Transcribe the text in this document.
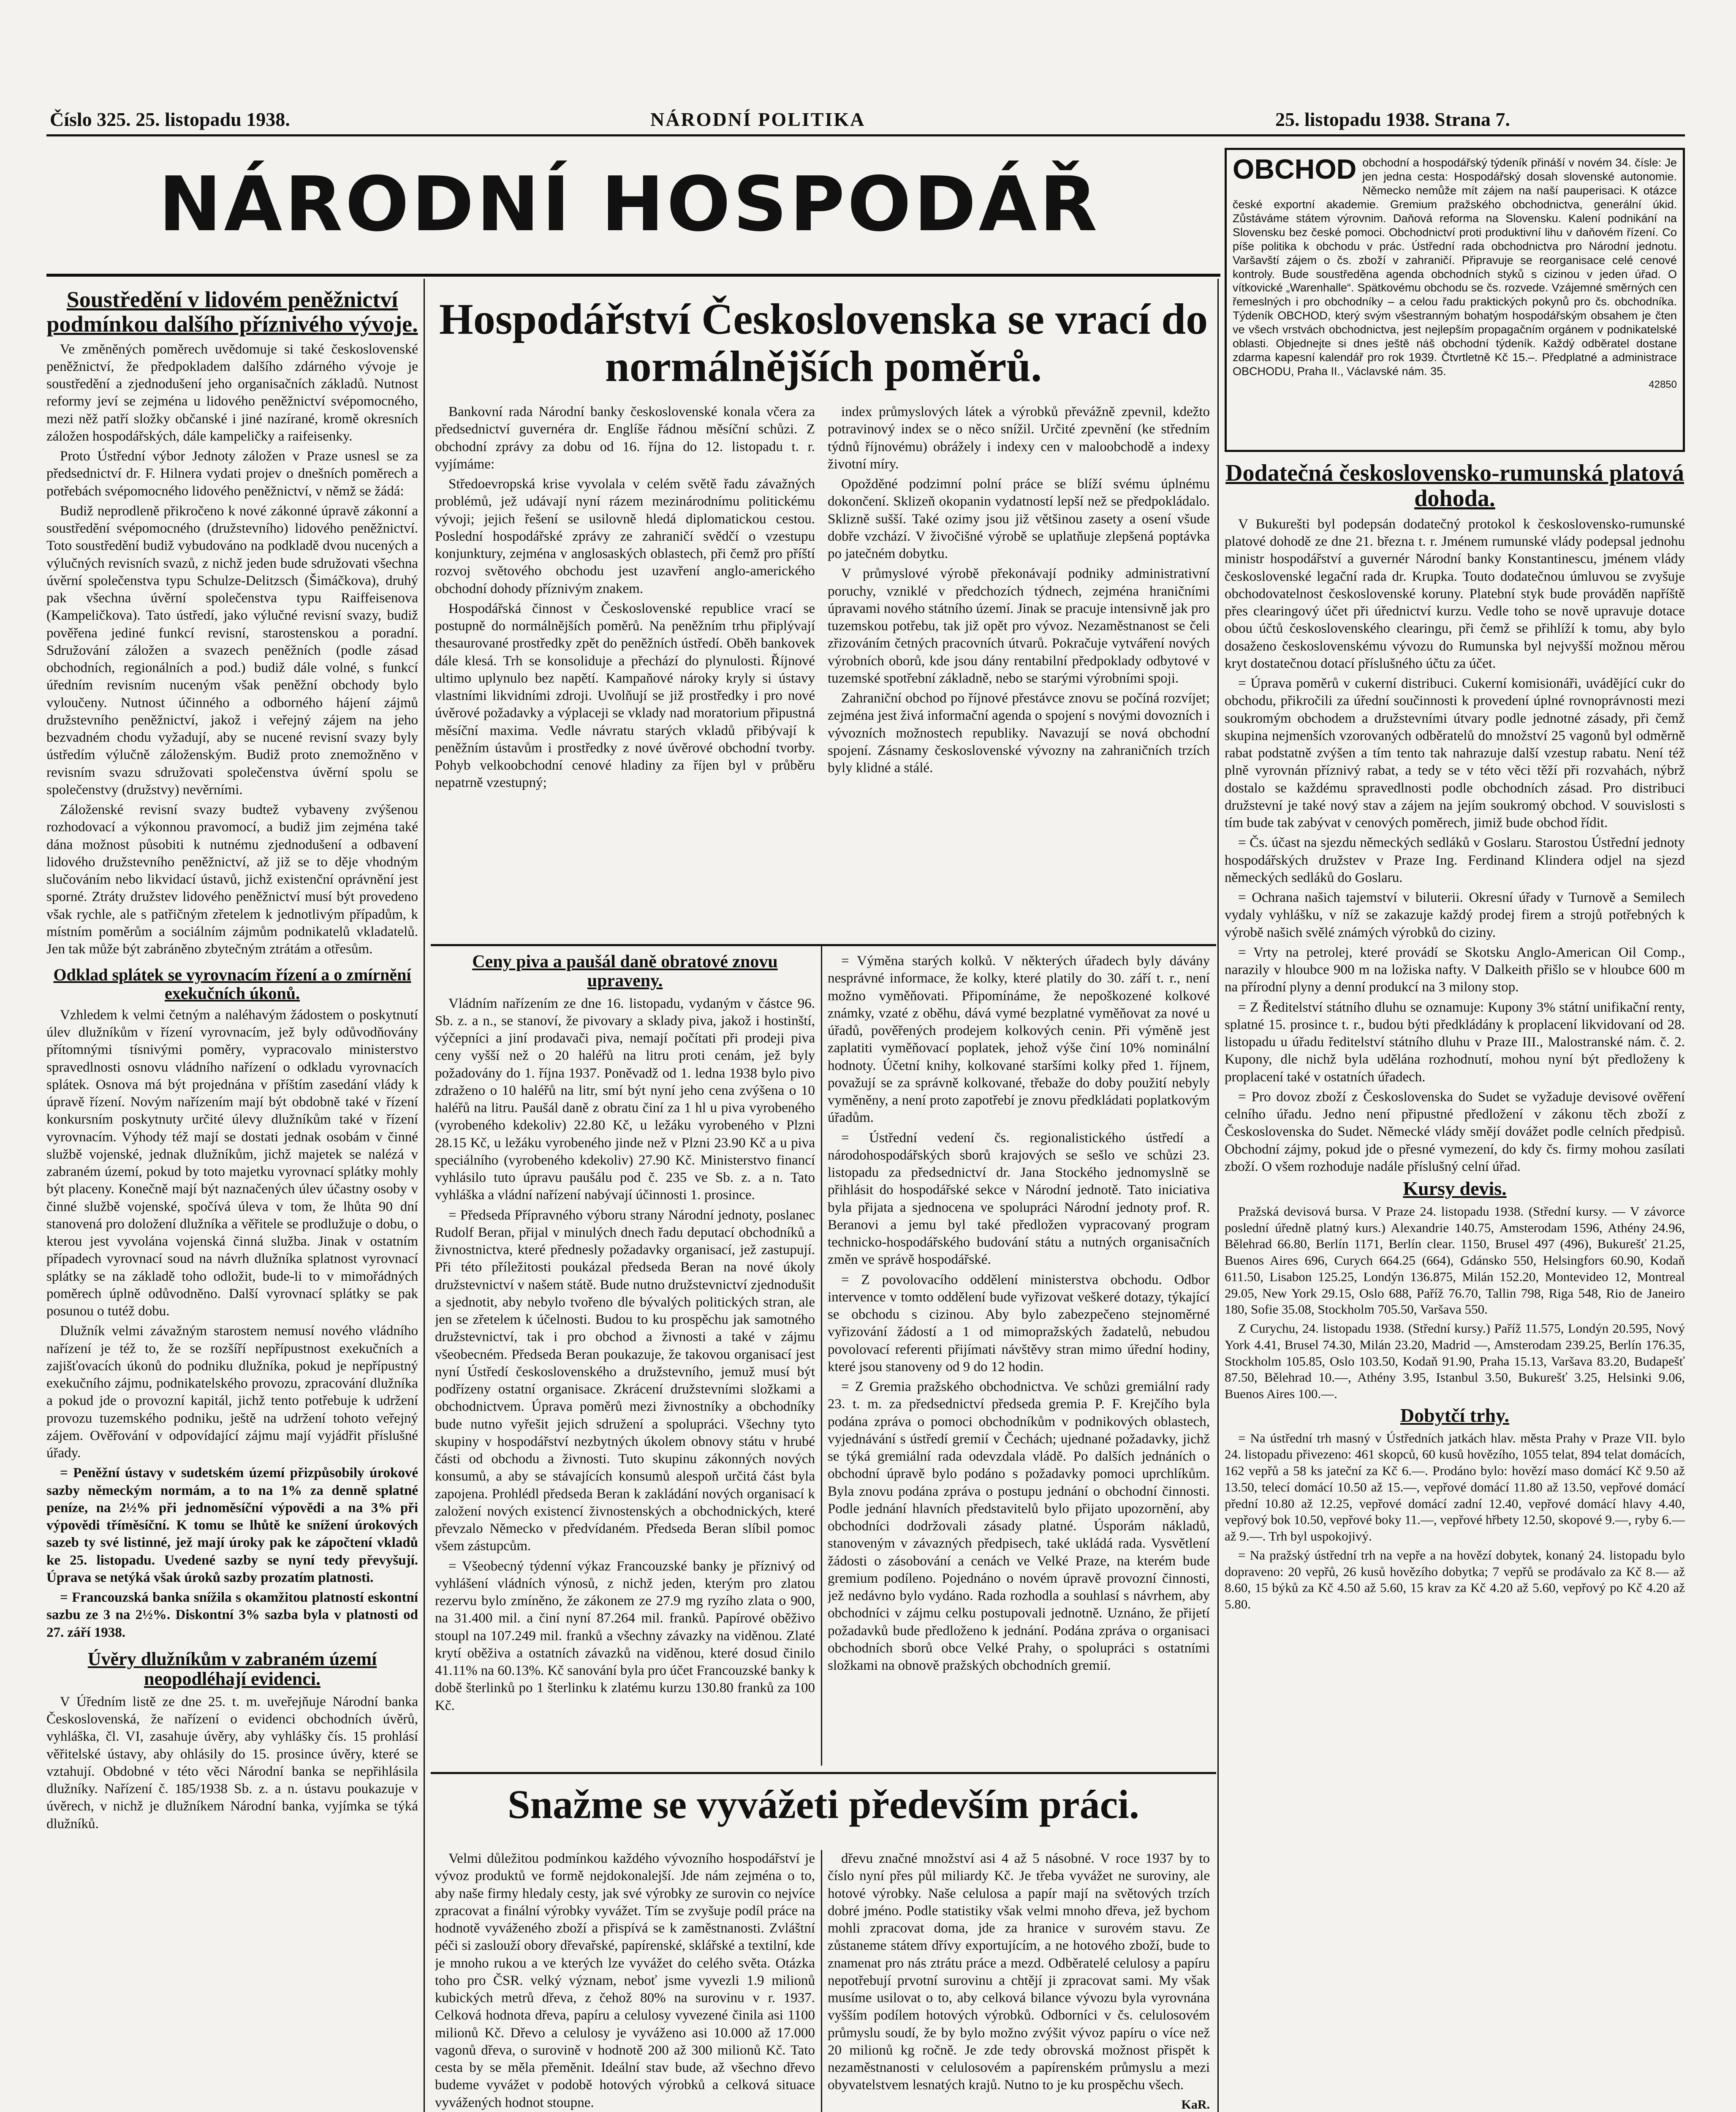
Číslo 325. 25. listopadu 1938.	NÁRODNÍ POLITIKA	25. listopadu 1938. Strana 7.
NÁRODNÍ HOSPODÁŘ	OBCHOD obchodní a hospodářský týdeník přináší v novém 34. čísle: Je jen jedna cesta: Hospodářský dosah slovenské autonomie. Německo nemůže mít zájem na naší pauperisaci. K otázce české exportní akademie. Gremium pražského obchodnictva, generální úkid. Zůstáváme státem výrovnim. Daňová reforma na Slovensku. Kalení podnikání na Slovensku bez české pomoci. Obchodnictví proti produktivní lihu v daňovém řízení. Co píše politika k obchodu v prác. Ústřední rada obchodnictva pro Národní jednotu. Varšavští zájem o čs. zboží v zahraničí. Připravuje se reorganisace celé cenové kontroly. Bude soustředěna agenda obchodních styků s cizinou v jeden úřad. O vítkovické „Warenhalle“. Spätkovému obchodu se čs. rozvede. Vzájemné směrných cen řemeslných i pro obchodníky – a celou řadu praktických pokynů pro čs. obchodníka. Týdeník OBCHOD, který svým všestranným bohatým hospodářským obsahem je čten ve všech vrstvách obchodnictva, jest nejlepším propagačním orgánem v podnikatelské oblasti. Objednejte si dnes ještě náš obchodní týdeník. Každý odběratel dostane zdarma kapesní kalendář pro rok 1939. Čtvrtletně Kč 15.–. Předplatné a administrace OBCHODU, Praha II., Václavské nám. 35.
42850
Soustředění v lidovém peněžnictví podmínkou dalšího příznivého vývoje.

Ve změněných poměrech uvědomuje si také československé peněžnictví, že předpokladem dalšího zdárného vývoje je soustředění a zjednodušení jeho organisačních základů. Nutnost reformy jeví se zejména u lidového peněžnictví svépomocného, mezi něž patří složky občanské i jiné nazírané, kromě okresních záložen hospodářských, dále kampeličky a raifeisenky.

Proto Ústřední výbor Jednoty záložen v Praze usnesl se za předsednictví dr. F. Hilnera vydati projev o dnešních poměrech a potřebách svépomocného lidového peněžnictví, v němž se žádá:

Budiž neprodleně přikročeno k nové zákonné úpravě zákonní a soustředění svépomocného (družstevního) lidového peněžnictví. Toto soustředění budiž vybudováno na podkladě dvou nucených a výlučných revisních svazů, z nichž jeden bude sdružovati všechna úvěrní společenstva typu Schulze-Delitzsch (Šimáčkova), druhý pak všechna úvěrní společenstva typu Raiffeisenova (Kampeličkova). Tato ústředí, jako výlučné revisní svazy, budiž pověřena jediné funkcí revisní, starostenskou a poradní. Sdružování záložen a svazech peněžních (podle zásad obchodních, regionálních a pod.) budiž dále volné, s funkcí úředním revisním nuceným však peněžní obchody bylo vyloučeny. Nutnost účinného a odborného hájení zájmů družstevního peněžnictví, jakož i veřejný zájem na jeho bezvadném chodu vyžadují, aby se nucené revisní svazy byly ústředím výlučně záloženským. Budiž proto znemožněno v revisním svazu sdružovati společenstva úvěrní spolu se společenstvy (družstvy) nevěrními.

Záloženské revisní svazy budtež vybaveny zvýšenou rozhodovací a výkonnou pravomocí, a budiž jim zejména také dána možnost působiti k nutnému zjednodušení a odbavení lidového družstevního peněžnictví, až již se to děje vhodným slučováním nebo likvidací ústavů, jichž existenční oprávnění jest sporné. Ztráty družstev lidového peněžnictví musí být provedeno však rychle, ale s patřičným zřetelem k jednotlivým případům, k místním poměrům a sociálním zájmům podnikatelů vkladatelů. Jen tak může být zabráněno zbytečným ztrátám a otřesům.

Odklad splátek se vyrovnacím řízení a o zmírnění exekučních úkonů.

Vzhledem k velmi četným a naléhavým žádostem o poskytnutí úlev dlužníkům v řízení vyrovnacím, jež byly odůvodňovány přítomnými tísnivými poměry, vypracovalo ministerstvo spravedlnosti osnovu vládního nařízení o odkladu vyrovnacích splátek. Osnova má být projednána v příštím zasedání vlády k úpravě řízení. Novým nařízením mají být obdobně také v řízení konkursním poskytnuty určité úlevy dlužníkům také v řízení vyrovnacím. Výhody též mají se dostati jednak osobám v činné službě vojenské, jednak dlužníkům, jichž majetek se nalézá v zabraném území, pokud by toto majetku vyrovnací splátky mohly být placeny. Konečně mají být naznačených úlev účastny osoby v činné službě vojenské, spočívá úleva v tom, že lhůta 90 dní stanovená pro doložení dlužníka a věřitele se prodlužuje o dobu, o kterou jest vyvolána vojenská činná služba. Jinak v ostatním případech vyrovnací soud na návrh dlužníka splatnost vyrovnací splátky se na základě toho odložit, bude-li to v mimořádných poměrech úplně odůvodněno. Další vyrovnací splátky se pak posunou o tutéž dobu.

Dlužník velmi závažným starostem nemusí nového vládního nařízení je též to, že se rozšíří nepřípustnost exekučních a zajišťovacích úkonů do podniku dlužníka, pokud je nepřípustný exekučního zájmu, podnikatelského provozu, zpracování dlužníka a pokud jde o provozní kapitál, jichž tento potřebuje k udržení provozu tuzemského podniku, ještě na udržení tohoto veřejný zájem. Ověřování v odpovídající zájmu mají vyjádřit příslušné úřady.

= Peněžní ústavy v sudetském území přizpůsobily úrokové sazby německým normám, a to na 1% za denně splatné peníze, na 2½% při jednoměsíční výpovědi a na 3% při výpovědi tříměsíční. K tomu se lhůtě ke snížení úrokových sazeb ty své listinné, jež mají úroky pak ke zápočtení vkladů ke 25. listopadu. Uvedené sazby se nyní tedy převyšují. Úprava se netýká však úroků sazby prozatím platnosti.

= Francouzská banka snížila s okamžitou platností eskontní sazbu ze 3 na 2½%. Diskontní 3% sazba byla v platnosti od 27. září 1938.

Úvěry dlužníkům v zabraném území neopodléhají evidenci.

V Úředním listě ze dne 25. t. m. uveřejňuje Národní banka Československá, že nařízení o evidenci obchodních úvěrů, vyhláška, čl. VI, zasahuje úvěry, aby vyhlášky čís. 15 prohlásí věřitelské ústavy, aby ohlásily do 15. prosince úvěry, které se vztahují. Obdobné v této věci Národní banka se nepřihlásila dlužníky. Nařízení č. 185/1938 Sb. z. a n. ústavu poukazuje v úvěrech, v nichž je dlužníkem Národní banka, vyjímka se týká dlužníků.

Hospodářství Československa se vrací do normálnějších poměrů.

Bankovní rada Národní banky československé konala včera za předsednictví guvernéra dr. Englíše řádnou měsíční schůzi. Z obchodní zprávy za dobu od 16. října do 12. listopadu t. r. vyjímáme:

Středoevropská krise vyvolala v celém světě řadu závažných problémů, jež udávají nyní rázem mezinárodnímu politickému vývoji; jejich řešení se usilovně hledá diplomatickou cestou. Poslední hospodářské zprávy ze zahraničí svědčí o vzestupu konjunktury, zejména v anglosaských oblastech, při čemž pro příští rozvoj světového obchodu jest uzavření anglo-amerického obchodní dohody příznivým znakem.

Hospodářská činnost v Československé republice vrací se postupně do normálnějších poměrů. Na peněžním trhu připlývají thesaurované prostředky zpět do peněžních ústředí. Oběh bankovek dále klesá. Trh se konsoliduje a přechází do plynulosti. Říjnové ultimo uplynulo bez napětí. Kampaňové nároky kryly si ústavy vlastními likvidními zdroji. Uvolňují se již prostředky i pro nové úvěrové požadavky a výplaceji se vklady nad moratorium připustná měsíční maxima. Vedle návratu starých vkladů přibývají k peněžním ústavům i prostředky z nové úvěrové obchodní tvorby. Pohyb velkoobchodní cenové hladiny za říjen byl v průběru nepatrně vzestupný;

index průmyslových látek a výrobků převážně zpevnil, kdežto potravinový index se o něco snížil. Určité zpevnění (ke středním týdnů říjnovému) obrážely i indexy cen v maloobchodě a indexy životní míry.

Opožděné podzimní polní práce se blíží svému úplnému dokončení. Sklizeň okopanin vydatností lepší než se předpokládalo. Sklizně sušší. Také ozimy jsou již většinou zasety a osení všude dobře vzchází. V živočišné výrobě se uplatňuje zlepšená poptávka po jatečném dobytku.

V průmyslové výrobě překonávají podniky administrativní poruchy, vzniklé v předchozích týdnech, zejména hraničními úpravami nového státního území. Jinak se pracuje intensivně jak pro tuzemskou potřebu, tak již opět pro vývoz. Nezaměstnanost se čeli zřizováním četných pracovních útvarů. Pokračuje vytváření nových výrobních oborů, kde jsou dány rentabilní předpoklady odbytové v tuzemské spotřební základně, nebo se starými výrobními spoji.

Zahraniční obchod po říjnové přestávce znovu se počíná rozvíjet; zejména jest živá informační agenda o spojení s novými dovozních i vývozních možnostech republiky. Navazují se nová obchodní spojení. Zásnamy československé vývozny na zahraničních trzích byly klidné a stálé.

Ceny piva a paušál daně obratové znovu upraveny.

Vládním nařízením ze dne 16. listopadu, vydaným v částce 96. Sb. z. a n., se stanoví, že pivovary a sklady piva, jakož i hostinští, výčepníci a jiní prodavači piva, nemají počítati při prodeji piva ceny vyšší než o 20 haléřů na litru proti cenám, jež byly požadovány do 1. října 1937. Poněvadž od 1. ledna 1938 bylo pivo zdraženo o 10 haléřů na litr, smí být nyní jeho cena zvýšena o 10 haléřů na litru. Paušál daně z obratu činí za 1 hl u piva vyrobeného (vyrobeného kdekoliv) 22.80 Kč, u ležáku vyrobeného v Plzni 28.15 Kč, u ležáku vyrobeného jinde než v Plzni 23.90 Kč a u piva speciálního (vyrobeného kdekoliv) 27.90 Kč. Ministerstvo financí vyhlásilo tuto úpravu paušálu pod č. 235 ve Sb. z. a n. Tato vyhláška a vládní nařízení nabývají účinnosti 1. prosince.

= Předseda Přípravného výboru strany Národní jednoty, poslanec Rudolf Beran, přijal v minulých dnech řadu deputací obchodníků a živnostnictva, které přednesly požadavky organisací, jež zastupují. Při této příležitosti poukázal předseda Beran na nové úkoly družstevnictví v našem státě. Bude nutno družstevnictví zjednodušit a sjednotit, aby nebylo tvořeno dle bývalých politických stran, ale jen se zřetelem k účelnosti. Budou to ku prospěchu jak samotného družstevnictví, tak i pro obchod a živnosti a také v zájmu všeobecném. Předseda Beran poukazuje, že takovou organisací jest nyní Ústředí československého a družstevního, jemuž musí být podřízeny ostatní organisace. Zkrácení družstevními složkami a obchodnictvem. Úprava poměrů mezi živnostníky a obchodníky bude nutno vyřešit jejich sdružení a spolupráci. Všechny tyto skupiny v hospodářství nezbytných úkolem obnovy státu v hrubé části od obchodu a živnosti. Tuto skupinu zákonných nových konsumů, a aby se stávajících konsumů alespoň určitá část byla zapojena. Prohlédl předseda Beran k zakládání nových organisací k založení nových existencí živnostenských a obchodnických, které převzalo Německo v předvídaném. Předseda Beran slíbil pomoc všem zástupcům.

= Všeobecný týdenní výkaz Francouzské banky je příznivý od vyhlášení vládních výnosů, z nichž jeden, kterým pro zlatou rezervu bylo zmíněno, že zákonem ze 27.9 mg ryzího zlata o 900, na 31.400 mil. a činí nyní 87.264 mil. franků. Papírové oběživo stoupl na 107.249 mil. franků a všechny závazky na viděnou. Zlaté krytí oběživa a ostatních závazků na viděnou, které dosud činilo 41.11% na 60.13%. Kč sanování byla pro účet Francouzské banky k době šterlinků po 1 šterlinku k zlatému kurzu 130.80 franků za 100 Kč.

= Výměna starých kolků. V některých úřadech byly dávány nesprávné informace, že kolky, které platily do 30. září t. r., není možno vyměňovati. Připomínáme, že nepoškozené kolkové známky, vzaté z oběhu, dává vymé bezplatné vyměňovat za nové u úřadů, pověřených prodejem kolkových cenin. Při výměně jest zaplatiti vyměňovací poplatek, jehož výše činí 10% nominální hodnoty. Účetní knihy, kolkované staršími kolky před 1. říjnem, považují se za správně kolkované, třebaže do doby použití nebyly vyměněny, a není proto zapotřebí je znovu předkládati poplatkovým úřadům.

= Ústřední vedení čs. regionalistického ústředí a národohospodářských sborů krajových se sešlo ve schůzi 23. listopadu za předsednictví dr. Jana Stockého jednomyslně se přihlásit do hospodářské sekce v Národní jednotě. Tato iniciativa byla přijata a sjednocena ve spolupráci Národní jednoty prof. R. Beranovi a jemu byl také předložen vypracovaný program technicko-hospodářského budování státu a nutných organisačních změn ve správě hospodářské.

= Z povolovacího oddělení ministerstva obchodu. Odbor intervence v tomto oddělení bude vyřizovat veškeré dotazy, týkající se obchodu s cizinou. Aby bylo zabezpečeno stejnoměrné vyřizování žádostí a 1 od mimopražských žadatelů, nebudou povolovací referenti přijímati návštěvy stran mimo úřední hodiny, které jsou stanoveny od 9 do 12 hodin.

= Z Gremia pražského obchodnictva. Ve schůzi gremiální rady 23. t. m. za předsednictví předseda gremia P. F. Krejčího byla podána zpráva o pomoci obchodníkům v podnikových oblastech, vyjednávání s ústředí gremií v Čechách; ujednané požadavky, jichž se týká gremiální rada odevzdala vládě. Po dalších jednáních o obchodní úpravě bylo podáno s požadavky pomoci uprchlíkům. Byla znovu podána zpráva o postupu jednání o obchodní činnosti. Podle jednání hlavních představitelů bylo přijato upozornění, aby obchodníci dodržovali zásady platné. Úsporám nákladů, stanoveným v závazných předpisech, také ukládá rada. Vysvětlení žádosti o zásobování a cenách ve Velké Praze, na kterém bude gremium podíleno. Pojednáno o novém úpravě provozní činnosti, jež nedávno bylo vydáno. Rada rozhodla a souhlasí s návrhem, aby obchodníci v zájmu celku postupovali jednotně. Uznáno, že přijetí požadavků bude předloženo k jednání. Podána zpráva o organisaci obchodních sborů obce Velké Prahy, o spolupráci s ostatními složkami na obnově pražských obchodních gremií.

Snažme se vyvážeti především práci.

Velmi důležitou podmínkou každého vývozního hospodářství je vývoz produktů ve formě nejdokonalejší. Jde nám zejména o to, aby naše firmy hledaly cesty, jak své výrobky ze surovin co nejvíce zpracovat a finální výrobky vyvážet. Tím se zvyšuje podíl práce na hodnotě vyváženého zboží a přispívá se k zaměstnanosti. Zvláštní péči si zaslouží obory dřevařské, papírenské, sklářské a textilní, kde je mnoho rukou a ve kterých lze vyvážet do celého světa. Otázka toho pro ČSR. velký význam, neboť jsme vyvezli 1.9 milionů kubických metrů dřeva, z čehož 80% na surovinu v r. 1937. Celková hodnota dřeva, papíru a celulosy vyvezené činila asi 1100 milionů Kč. Dřevo a celulosy je vyváženo asi 10.000 až 17.000 vagonů dřeva, o surovině v hodnotě 200 až 300 milionů Kč. Tato cesta by se měla přeměnit. Ideální stav bude, až všechno dřevo budeme vyvážet v podobě hotových výrobků a celková situace vyvážených hodnot stoupne.

dřevu značné množství asi 4 až 5 násobné. V roce 1937 by to číslo nyní přes půl miliardy Kč. Je třeba vyvážet ne suroviny, ale hotové výrobky. Naše celulosa a papír mají na světových trzích dobré jméno. Podle statistiky však velmi mnoho dřeva, jež bychom mohli zpracovat doma, jde za hranice v surovém stavu. Ze zůstaneme státem dřívy exportujícím, a ne hotového zboží, bude to znamenat pro nás ztrátu práce a mezd. Odběratelé celulosy a papíru nepotřebují prvotní surovinu a chtějí ji zpracovat sami. My však musíme usilovat o to, aby celková bilance vývozu byla vyrovnána vyšším podílem hotových výrobků. Odborníci v čs. celulosovém průmyslu soudí, že by bylo možno zvýšit vývoz papíru o více než 20 milionů kg ročně. Je zde tedy obrovská možnost přispět k nezaměstnanosti v celulosovém a papírenském průmyslu a mezi obyvatelstvem lesnatých krajů. Nutno to je ku prospěchu všech.

KaR.
Dodatečná československo-rumunská platová dohoda.

V Bukurešti byl podepsán dodatečný protokol k československo-rumunské platové dohodě ze dne 21. března t. r. Jménem rumunské vlády podepsal jednohu ministr hospodářství a guvernér Národní banky Konstantinescu, jménem vlády československé legační rada dr. Krupka. Touto dodatečnou úmluvou se zvyšuje obchodovatelnost československé koruny. Platební styk bude prováděn napříště přes clearingový účet při úřednictví kurzu. Vedle toho se nově upravuje dotace obou účtů československého clearingu, při čemž se přihlíží k tomu, aby bylo dosaženo československému vývozu do Rumunska byl nejvyšší možnou měrou kryt dostatečnou dotací příslušného účtu za účet.

= Úprava poměrů v cukerní distribuci. Cukerní komisionáři, uvádějící cukr do obchodu, přikročili za úřední součinnosti k provedení úplné rovnoprávnosti mezi soukromým obchodem a družstevními útvary podle jednotné zásady, při čemž skupina nejmenších vzorovaných odběratelů do množství 25 vagonů byl odměrně rabat podstatně zvýšen a tím tento tak nahrazuje další vzestup rabatu. Není též plně vyrovnán příznivý rabat, a tedy se v této věci těží při rozvahách, nýbrž dostalo se každému spravedlnosti podle obchodních zásad. Pro distribuci družstevní je také nový stav a zájem na jejím soukromý obchod. V souvislosti s tím bude tak zabývat v cenových poměrech, jimiž bude obchod řídit.

= Čs. účast na sjezdu německých sedláků v Goslaru. Starostou Ústřední jednoty hospodářských družstev v Praze Ing. Ferdinand Klindera odjel na sjezd německých sedláků do Goslaru.

= Ochrana našich tajemství v biluterii. Okresní úřady v Turnově a Semilech vydaly vyhlášku, v níž se zakazuje každý prodej firem a strojů potřebných k výrobě našich svělé známých výrobků do ciziny.

= Vrty na petrolej, které provádí se Skotsku Anglo-American Oil Comp., narazily v hloubce 900 m na ložiska nafty. V Dalkeith přišlo se v hloubce 600 m na přírodní plyny a denní produkcí na 3 milony stop.

= Z Ředitelství státního dluhu se oznamuje: Kupony 3% státní unifikační renty, splatné 15. prosince t. r., budou býti předkládány k proplacení likvidovaní od 28. listopadu u úřadu ředitelství státního dluhu v Praze III., Malostranské nám. č. 2. Kupony, dle nichž byla udělána rozhodnutí, mohou nyní být předloženy k proplacení také v ostatních úřadech.

= Pro dovoz zboží z Československa do Sudet se vyžaduje devisové ověření celního úřadu. Jedno není připustné předložení v zákonu těch zboží z Československa do Sudet. Německé vlády smějí dovážet podle celních předpisů. Obchodní zájmy, pokud jde o přesné vymezení, do kdy čs. firmy mohou zasílati zboží. O všem rozhoduje nadále příslušný celní úřad.

Kursy devis.

Pražská devisová bursa. V Praze 24. listopadu 1938. (Střední kursy. — V závorce poslední úředně platný kurs.) Alexandrie 140.75, Amsterodam 1596, Athény 24.96, Bělehrad 66.80, Berlín 1171, Berlín clear. 1150, Brusel 497 (496), Bukurešť 21.25, Buenos Aires 696, Curych 664.25 (664), Gdánsko 550, Helsingfors 60.90, Kodaň 611.50, Lisabon 125.25, Londýn 136.875, Milán 152.20, Montevideo 12, Montreal 29.05, New York 29.15, Oslo 688, Paříž 76.70, Tallin 798, Riga 548, Rio de Janeiro 180, Sofie 35.08, Stockholm 705.50, Varšava 550.

Z Curychu, 24. listopadu 1938. (Střední kursy.) Paříž 11.575, Londýn 20.595, Nový York 4.41, Brusel 74.30, Milán 23.20, Madrid —, Amsterodam 239.25, Berlín 176.35, Stockholm 105.85, Oslo 103.50, Kodaň 91.90, Praha 15.13, Varšava 83.20, Budapešť 87.50, Bělehrad 10.—, Athény 3.95, Istanbul 3.50, Bukurešť 3.25, Helsinki 9.06, Buenos Aires 100.—.

Dobytčí trhy.

= Na ústřední trh masný v Ústředních jatkách hlav. města Prahy v Praze VII. bylo 24. listopadu přivezeno: 461 skopců, 60 kusů hovězího, 1055 telat, 894 telat domácích, 162 vepřů a 58 ks jateční za Kč 6.—. Prodáno bylo: hovězí maso domácí Kč 9.50 až 13.50, telecí domácí 10.50 až 15.—, vepřové domácí 11.80 až 13.50, vepřové domácí přední 10.80 až 12.25, vepřové domácí zadní 12.40, vepřové domácí hlavy 4.40, vepřový bok 10.50, vepřové boky 11.—, vepřové hřbety 12.50, skopové 9.—, ryby 6.— až 9.—. Trh byl uspokojivý.

= Na pražský ústřední trh na vepře a na hovězí dobytek, konaný 24. listopadu bylo dopraveno: 20 vepřů, 26 kusů hovězího dobytka; 7 vepřů se prodávalo za Kč 8.— až 8.60, 15 býků za Kč 4.50 až 5.60, 15 krav za Kč 4.20 až 5.60, vepřový po Kč 4.20 až 5.80.
